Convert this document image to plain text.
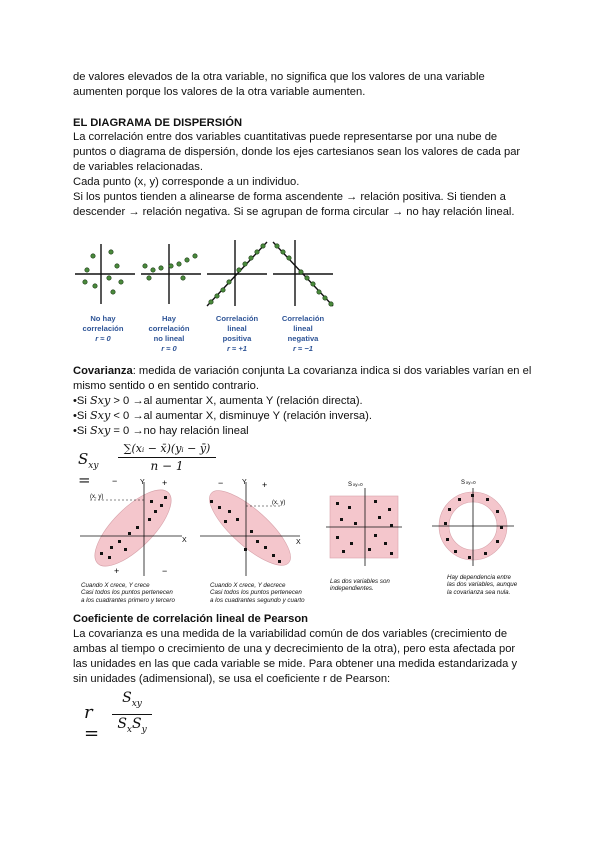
de valores elevados de la otra variable, no significa que los valores de una variable
aumenten porque los valores de la otra variable aumenten.
EL DIAGRAMA DE DISPERSIÓN
La correlación entre dos variables cuantitativas puede representarse por una nube de
puntos o diagrama de dispersión, donde los ejes cartesianos sean los valores de cada par
de variables relacionadas.
Cada punto (x, y) corresponde a un individuo.
Si los puntos tienden a alinearse de forma ascendente → relación positiva. Si tienden a
descender → relación negativa. Si se agrupan de forma circular → no hay relación lineal.
No hay
correlación
r ≈ 0
Hay
correlación
no lineal
r ≈ 0
Correlación
lineal
positiva
r ≈ +1
Correlación
lineal
negativa
r ≈ −1
Covarianza: medida de variación conjunta La covarianza indica si dos variables varían en el
mismo sentido o en sentido contrario.
•Si Sxy > 0 →al aumentar X, aumenta Y (relación directa).
•Si Sxy < 0 →al aumentar X, disminuye Y (relación inversa).
•Si Sxy = 0 →no hay relación lineal
$S_{xy}$ =
∑(xᵢ − x̄)(yᵢ − ȳ)
n − 1
(x, y)
Y
X
−	+
+	−
(x, y)
Y
X
−	+	S xy=0	S xy=0
Cuando X crece, Y crece
Casi todos los puntos pertenecen
a los cuadrantes primero y tercero
Cuando X crece, Y decrece
Casi todos los puntos pertenecen
a los cuadrantes segundo y cuarto
Las dos variables son
independientes.
Hay dependencia entre
las dos variables, aunque
la covarianza sea nula.
Coeficiente de correlación lineal de Pearson
La covarianza es una medida de la variabilidad común de dos variables (crecimiento de
ambas al tiempo o crecimiento de una y decrecimiento de la otra), pero esta afectada por
las unidades en las que cada variable se mide. Para obtener una medida estandarizada y
sin unidades (adimensional), se usa el coeficiente r de Pearson:
r =
$S_{xy}$
$S_xS_y$
